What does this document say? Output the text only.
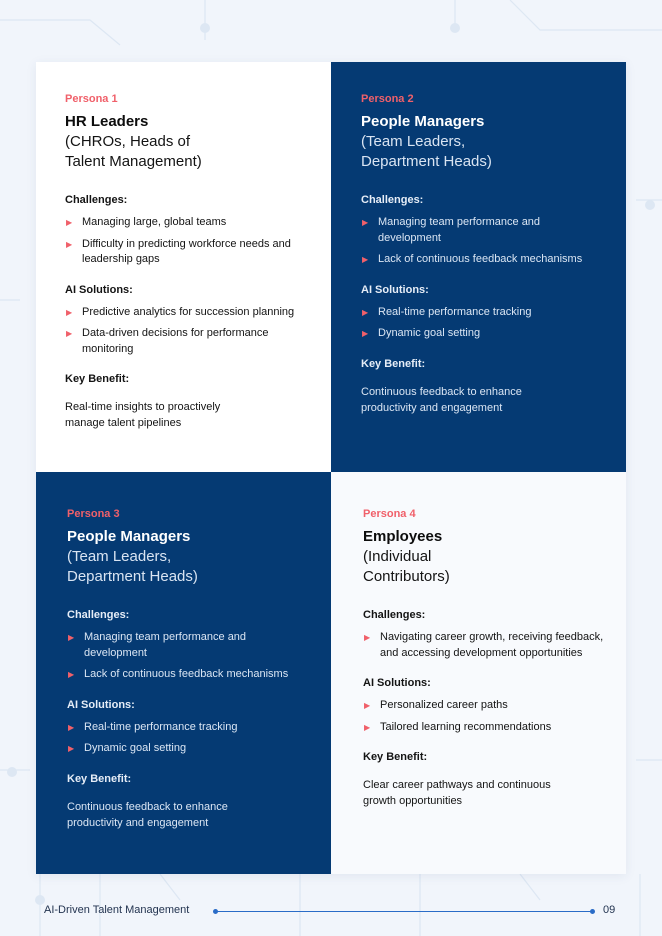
Persona 1

HR Leaders

(CHROs, Heads of
Talent Management)

Challenges:

▶ Managing large, global teams
▶ Difficulty in predicting workforce needs and leadership gaps

AI Solutions:

▶ Predictive analytics for succession planning
▶ Data-driven decisions for performance monitoring

Key Benefit:

Real-time insights to proactively
manage talent pipelines

Persona 2

People Managers

(Team Leaders,
Department Heads)

Challenges:

▶ Managing team performance and development
▶ Lack of continuous feedback mechanisms

AI Solutions:

▶ Real-time performance tracking
▶ Dynamic goal setting

Key Benefit:

Continuous feedback to enhance
productivity and engagement

Persona 3

People Managers

(Team Leaders,
Department Heads)

Challenges:

▶ Managing team performance and development
▶ Lack of continuous feedback mechanisms

AI Solutions:

▶ Real-time performance tracking
▶ Dynamic goal setting

Key Benefit:

Continuous feedback to enhance
productivity and engagement

Persona 4

Employees

(Individual
Contributors)

Challenges:

▶ Navigating career growth, receiving feedback, and accessing development opportunities

AI Solutions:

▶ Personalized career paths
▶ Tailored learning recommendations

Key Benefit:

Clear career pathways and continuous
growth opportunities

AI-Driven Talent Management	09
